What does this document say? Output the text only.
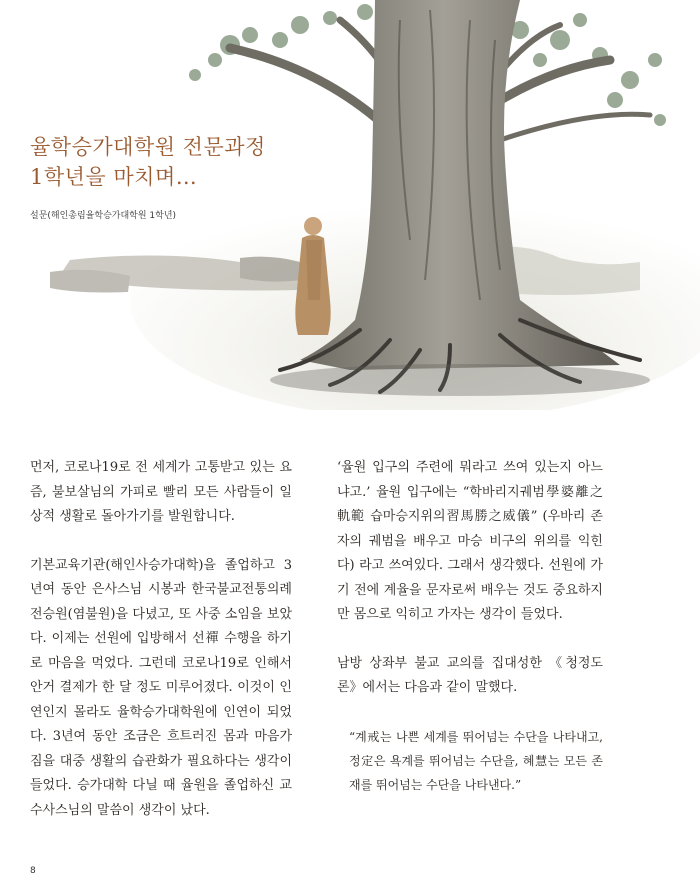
율학승가대학원 전문과정
1학년을 마치며…
설문(해인총림율학승가대학원 1학년)

먼저, 코로나19로 전 세계가 고통받고 있는 요즘, 불보살님의 가피로 빨리 모든 사람들이 일상적 생활로 돌아가기를 발원합니다.

기본교육기관(해인사승가대학)을 졸업하고 3년여 동안 은사스님 시봉과 한국불교전통의례전승원(염불원)을 다녔고, 또 사중 소임을 보았다. 이제는 선원에 입방해서 선禪 수행을 하기로 마음을 먹었다. 그런데 코로나19로 인해서 안거 결제가 한 달 정도 미루어졌다. 이것이 인연인지 몰라도 율학승가대학원에 인연이 되었다. 3년여 동안 조금은 흐트러진 몸과 마음가짐을 대중 생활의 습관화가 필요하다는 생각이 들었다. 승가대학 다닐 때 율원을 졸업하신 교수사스님의 말씀이 생각이 났다.

‘율원 입구의 주련에 뭐라고 쓰여 있는지 아느냐고.’ 율원 입구에는 “학바리지궤범學婆離之軌範 습마승지위의習馬勝之威儀” (우바리 존자의 궤범을 배우고 마승 비구의 위의를 익힌다) 라고 쓰여있다. 그래서 생각했다. 선원에 가기 전에 계율을 문자로써 배우는 것도 중요하지만 몸으로 익히고 가자는 생각이 들었다.

남방 상좌부 불교 교의를 집대성한 《청정도론》에서는 다음과 같이 말했다.

“계戒는 나쁜 세계를 뛰어넘는 수단을 나타내고, 정定은 욕계를 뛰어넘는 수단을, 혜慧는 모든 존재를 뛰어넘는 수단을 나타낸다.”

8
